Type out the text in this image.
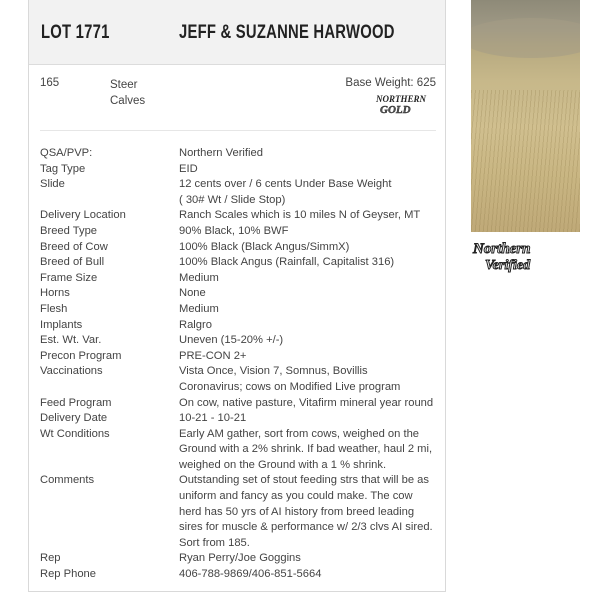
LOT 1771	JEFF & SUZANNE HARWOOD
165	Steer
Calves
Base Weight: 625
NORTHERN
GOLD
QSA/PVP:	Northern Verified
Tag Type	EID
Slide	12 cents over / 6 cents Under Base Weight
( 30# Wt / Slide Stop)
Delivery Location	Ranch Scales which is 10 miles N of Geyser, MT
Breed Type	90% Black, 10% BWF
Breed of Cow	100% Black (Black Angus/SimmX)
Breed of Bull	100% Black Angus (Rainfall, Capitalist 316)
Frame Size	Medium
Horns	None
Flesh	Medium
Implants	Ralgro
Est. Wt. Var.	Uneven (15-20% +/-)
Precon Program	PRE-CON 2+
Vaccinations	Vista Once, Vision 7, Somnus, Bovillis Coronavirus; cows on Modified Live program
Feed Program	On cow, native pasture, Vitafirm mineral year round
Delivery Date	10-21 - 10-21
Wt Conditions	Early AM gather, sort from cows, weighed on the Ground with a 2% shrink. If bad weather, haul 2 mi, weighed on the Ground with a 1 % shrink.
Comments	Outstanding set of stout feeding strs that will be as uniform and fancy as you could make. The cow herd has 50 yrs of AI history from breed leading sires for muscle & performance w/ 2/3 clvs AI sired. Sort from 185.
Rep	Ryan Perry/Joe Goggins
Rep Phone	406-788-9869/406-851-5664
Northern
Verified
